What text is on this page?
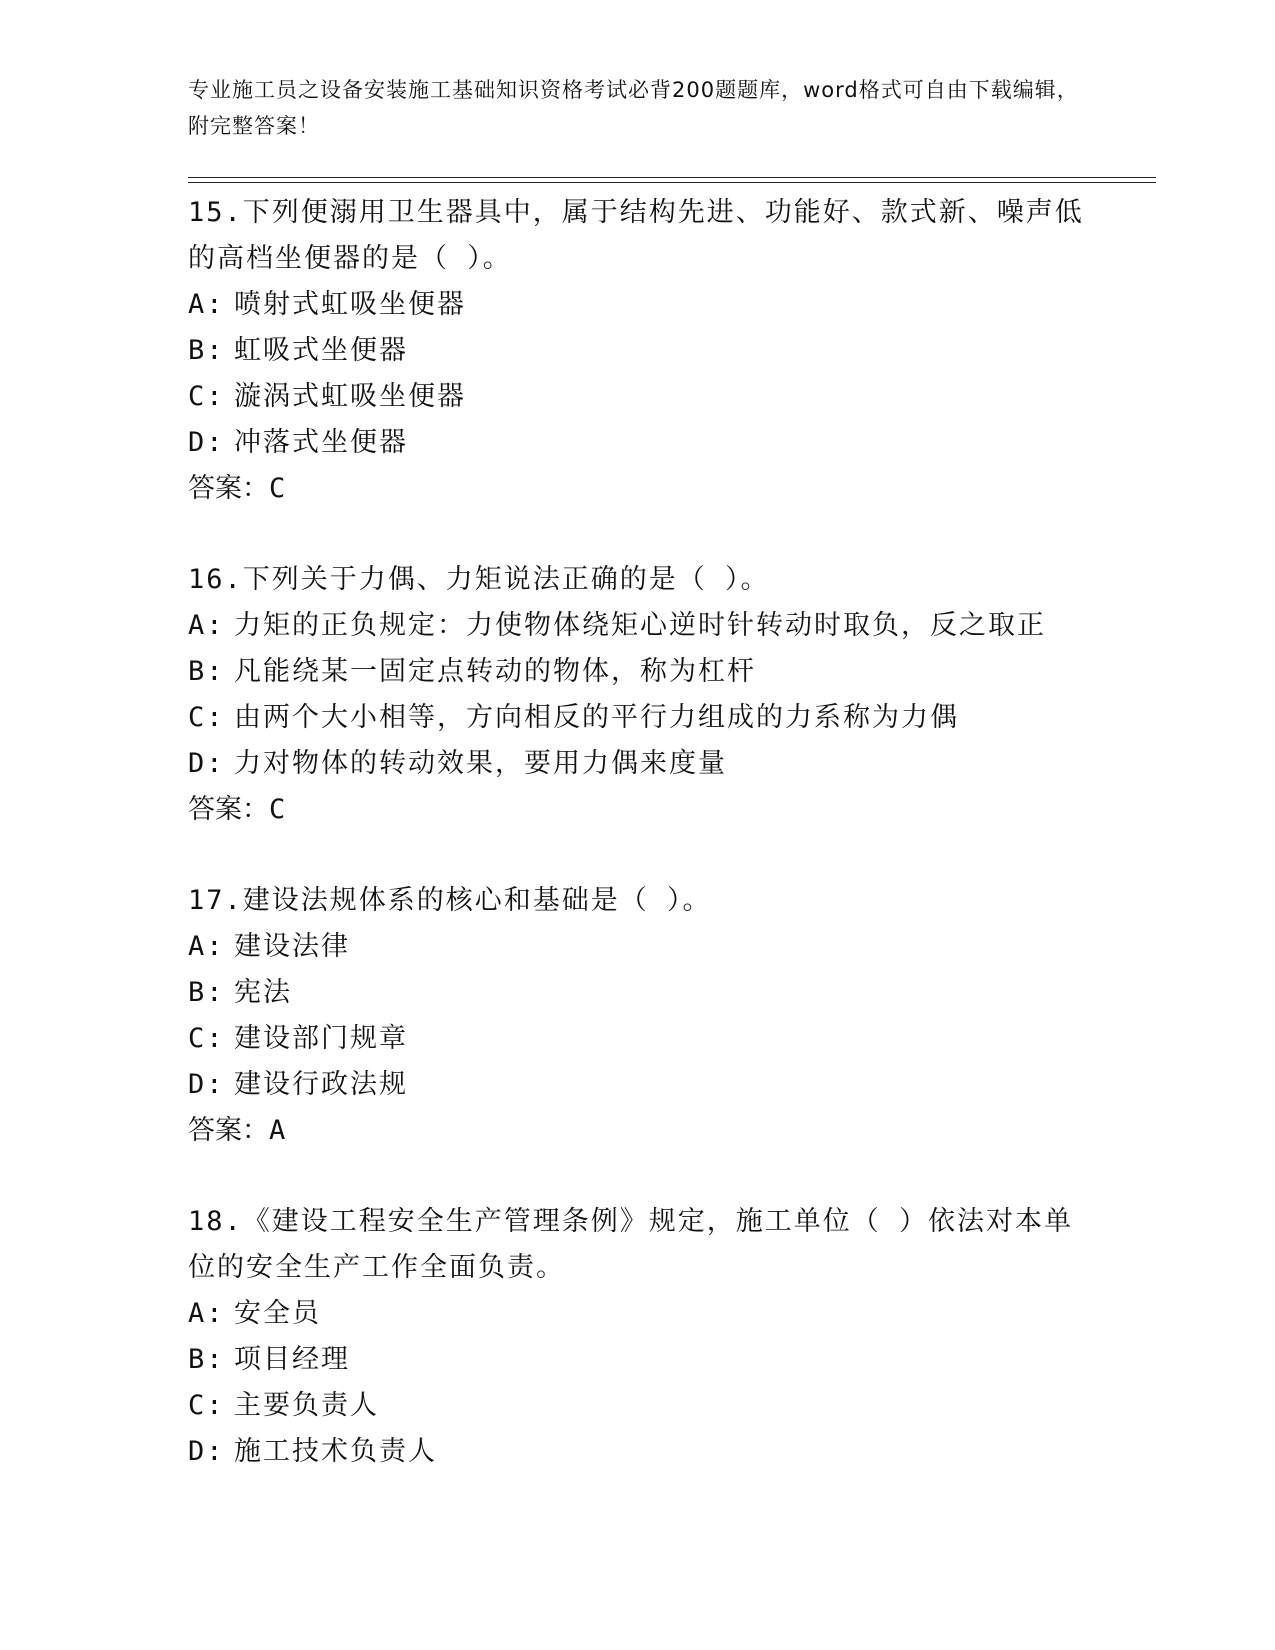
专业施工员之设备安装施工基础知识资格考试必背200题题库，word格式可自由下载编辑，附完整答案！
15.下列便溺用卫生器具中，属于结构先进、功能好、款式新、噪声低的高档坐便器的是（ ）。
A: 喷射式虹吸坐便器
B: 虹吸式坐便器
C: 漩涡式虹吸坐便器
D: 冲落式坐便器
答案：C
16.下列关于力偶、力矩说法正确的是（ ）。
A: 力矩的正负规定：力使物体绕矩心逆时针转动时取负，反之取正
B: 凡能绕某一固定点转动的物体，称为杠杆
C: 由两个大小相等，方向相反的平行力组成的力系称为力偶
D: 力对物体的转动效果，要用力偶来度量
答案：C
17.建设法规体系的核心和基础是（ ）。
A: 建设法律
B: 宪法
C: 建设部门规章
D: 建设行政法规
答案：A
18.《建设工程安全生产管理条例》规定，施工单位（ ）依法对本单位的安全生产工作全面负责。
A: 安全员
B: 项目经理
C: 主要负责人
D: 施工技术负责人
